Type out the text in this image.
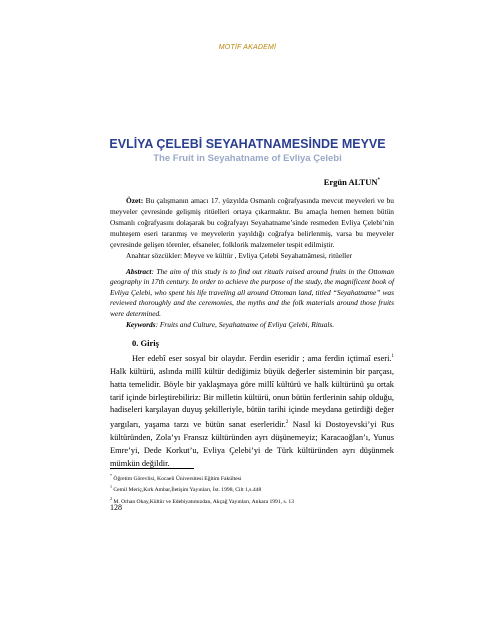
MOTİF AKADEMİ
EVLİYA ÇELEBİ SEYAHATNAMESİNDE MEYVE
The Fruit in Seyahatname of Evliya Çelebi
Ergün ALTUN*
Özet: Bu çalışmanın amacı 17. yüzyılda Osmanlı coğrafyasında mevcut meyveleri ve bu meyveler çevresinde gelişmiş ritüelleri ortaya çıkarmaktır. Bu amaçla hemen hemen bütün Osmanlı coğrafyasını dolaşarak bu coğrafyayı Seyahatname’sinde resmeden Evliya Çelebi’nin muhteşem eseri taranmış ve meyvelerin yayıldığı coğrafya belirlenmiş, varsa bu meyveler çevresinde gelişen törenler, efsaneler, folklorik malzemeler tespit edilmiştir.
Anahtar sözcükler: Meyve ve kültür , Evliya Çelebi Seyahatnâmesi, ritüeller
Abstract: The aim of this study is to find out rituals raised around fruits in the Ottoman geography in 17th century. In order to achieve the purpose of the study, the magnificent book of Evliya Çelebi, who spent his life traveling all around Ottoman land, titled “Seyahatname” was reviewed thoroughly and the ceremonies, the myths and the folk materials around those fruits were determined.
Keywords: Fruits and Culture, Seyahatname of Evliya Çelebi, Rituals.
0. Giriş

Her edebî eser sosyal bir olaydır. Ferdin eseridir ; ama ferdin içtimaî eseri.$^1$ Halk kültürü, aslında millî kültür dediğimiz büyük değerler sisteminin bir parçası, hatta temelidir. Böyle bir yaklaşmaya göre millî kültürü ve halk kültürünü şu ortak tarif içinde birleştirebiliriz: Bir milletin kültürü, onun bütün fertlerinin sahip olduğu, hadiseleri karşılayan duyuş şekilleriyle, bütün tarihi içinde meydana getirdiği değer yargıları, yaşama tarzı ve bütün sanat eserleridir.$^2$ Nasıl ki Dostoyevski’yi Rus kültüründen, Zola’yı Fransız kültüründen ayrı düşünemeyiz; Karacaoğlan’ı, Yunus Emre’yi, Dede Korkut’u, Evliya Çelebi’yi de Türk kültüründen ayrı düşünmek mümkün değildir.

* Öğretim Görevlisi, Kocaeli Üniversitesi Eğitim Fakültesi
$^1$ Cemil Meriç,Kırk Ambar,İletişim Yayınları, İst. 1998, Cilt 1,s.448
$^2$ M. Orhan Okay,Kültür ve Edebiyatımızdan, Akçağ Yayınları, Ankara 1991, s. 13
128
